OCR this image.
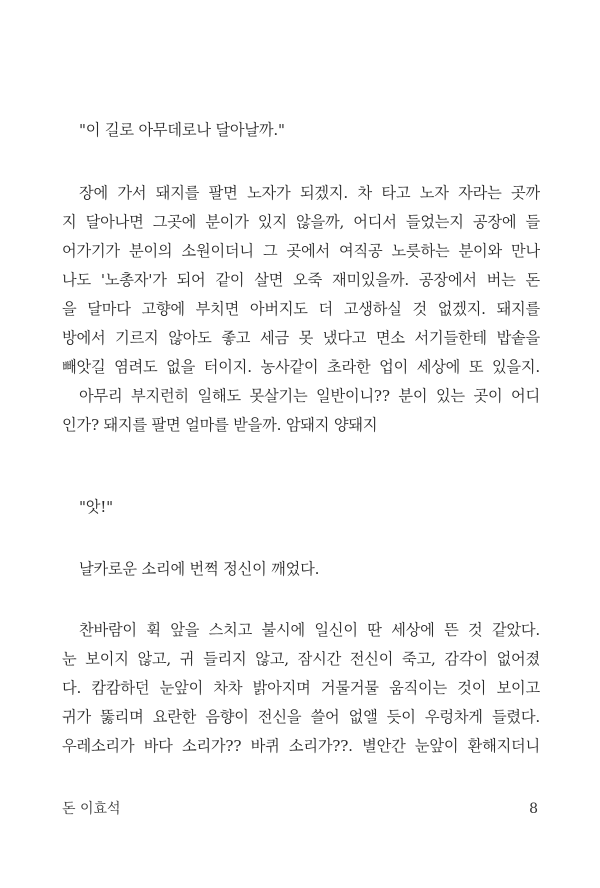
"이 길로 아무데로나 달아날까."
장에 가서 돼지를 팔면 노자가 되겠지. 차 타고 노자 자라는 곳까
지 달아나면 그곳에 분이가 있지 않을까, 어디서 들었는지 공장에 들
어가기가 분이의 소원이더니 그 곳에서 여직공 노릇하는 분이와 만나
나도 '노총자'가 되어 같이 살면 오죽 재미있을까. 공장에서 버는 돈
을 달마다 고향에 부치면 아버지도 더 고생하실 것 없겠지. 돼지를
방에서 기르지 않아도 좋고 세금 못 냈다고 면소 서기들한테 밥솥을
빼앗길 염려도 없을 터이지. 농사같이 초라한 업이 세상에 또 있을지.
아무리 부지런히 일해도 못살기는 일반이니?? 분이 있는 곳이 어디
인가? 돼지를 팔면 얼마를 받을까. 암돼지 양돼지
"앗!"
날카로운 소리에 번쩍 정신이 깨었다.
찬바람이 휙 앞을 스치고 불시에 일신이 딴 세상에 뜬 것 같았다.
눈 보이지 않고, 귀 들리지 않고, 잠시간 전신이 죽고, 감각이 없어졌
다. 캄캄하던 눈앞이 차차 밝아지며 거물거물 움직이는 것이 보이고
귀가 뚫리며 요란한 음향이 전신을 쓸어 없앨 듯이 우렁차게 들렸다.
우레소리가 바다 소리가?? 바퀴 소리가??. 별안간 눈앞이 환해지더니
돈 이효석	8
